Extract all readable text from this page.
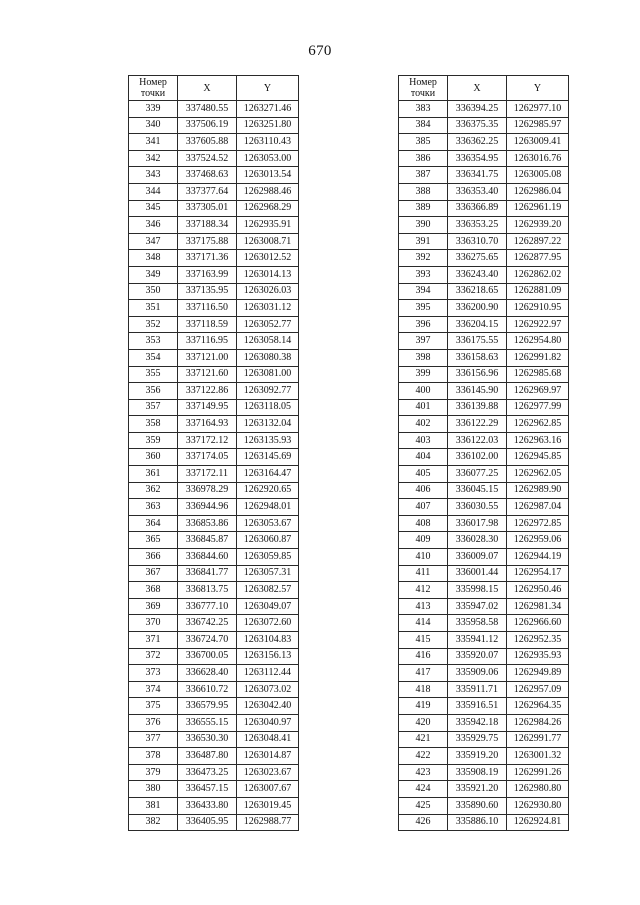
670
Номер
точки	X	Y
339	337480.55	1263271.46
340	337506.19	1263251.80
341	337605.88	1263110.43
342	337524.52	1263053.00
343	337468.63	1263013.54
344	337377.64	1262988.46
345	337305.01	1262968.29
346	337188.34	1262935.91
347	337175.88	1263008.71
348	337171.36	1263012.52
349	337163.99	1263014.13
350	337135.95	1263026.03
351	337116.50	1263031.12
352	337118.59	1263052.77
353	337116.95	1263058.14
354	337121.00	1263080.38
355	337121.60	1263081.00
356	337122.86	1263092.77
357	337149.95	1263118.05
358	337164.93	1263132.04
359	337172.12	1263135.93
360	337174.05	1263145.69
361	337172.11	1263164.47
362	336978.29	1262920.65
363	336944.96	1262948.01
364	336853.86	1263053.67
365	336845.87	1263060.87
366	336844.60	1263059.85
367	336841.77	1263057.31
368	336813.75	1263082.57
369	336777.10	1263049.07
370	336742.25	1263072.60
371	336724.70	1263104.83
372	336700.05	1263156.13
373	336628.40	1263112.44
374	336610.72	1263073.02
375	336579.95	1263042.40
376	336555.15	1263040.97
377	336530.30	1263048.41
378	336487.80	1263014.87
379	336473.25	1263023.67
380	336457.15	1263007.67
381	336433.80	1263019.45
382	336405.95	1262988.77
Номер
точки	X	Y
383	336394.25	1262977.10
384	336375.35	1262985.97
385	336362.25	1263009.41
386	336354.95	1263016.76
387	336341.75	1263005.08
388	336353.40	1262986.04
389	336366.89	1262961.19
390	336353.25	1262939.20
391	336310.70	1262897.22
392	336275.65	1262877.95
393	336243.40	1262862.02
394	336218.65	1262881.09
395	336200.90	1262910.95
396	336204.15	1262922.97
397	336175.55	1262954.80
398	336158.63	1262991.82
399	336156.96	1262985.68
400	336145.90	1262969.97
401	336139.88	1262977.99
402	336122.29	1262962.85
403	336122.03	1262963.16
404	336102.00	1262945.85
405	336077.25	1262962.05
406	336045.15	1262989.90
407	336030.55	1262987.04
408	336017.98	1262972.85
409	336028.30	1262959.06
410	336009.07	1262944.19
411	336001.44	1262954.17
412	335998.15	1262950.46
413	335947.02	1262981.34
414	335958.58	1262966.60
415	335941.12	1262952.35
416	335920.07	1262935.93
417	335909.06	1262949.89
418	335911.71	1262957.09
419	335916.51	1262964.35
420	335942.18	1262984.26
421	335929.75	1262991.77
422	335919.20	1263001.32
423	335908.19	1262991.26
424	335921.20	1262980.80
425	335890.60	1262930.80
426	335886.10	1262924.81
